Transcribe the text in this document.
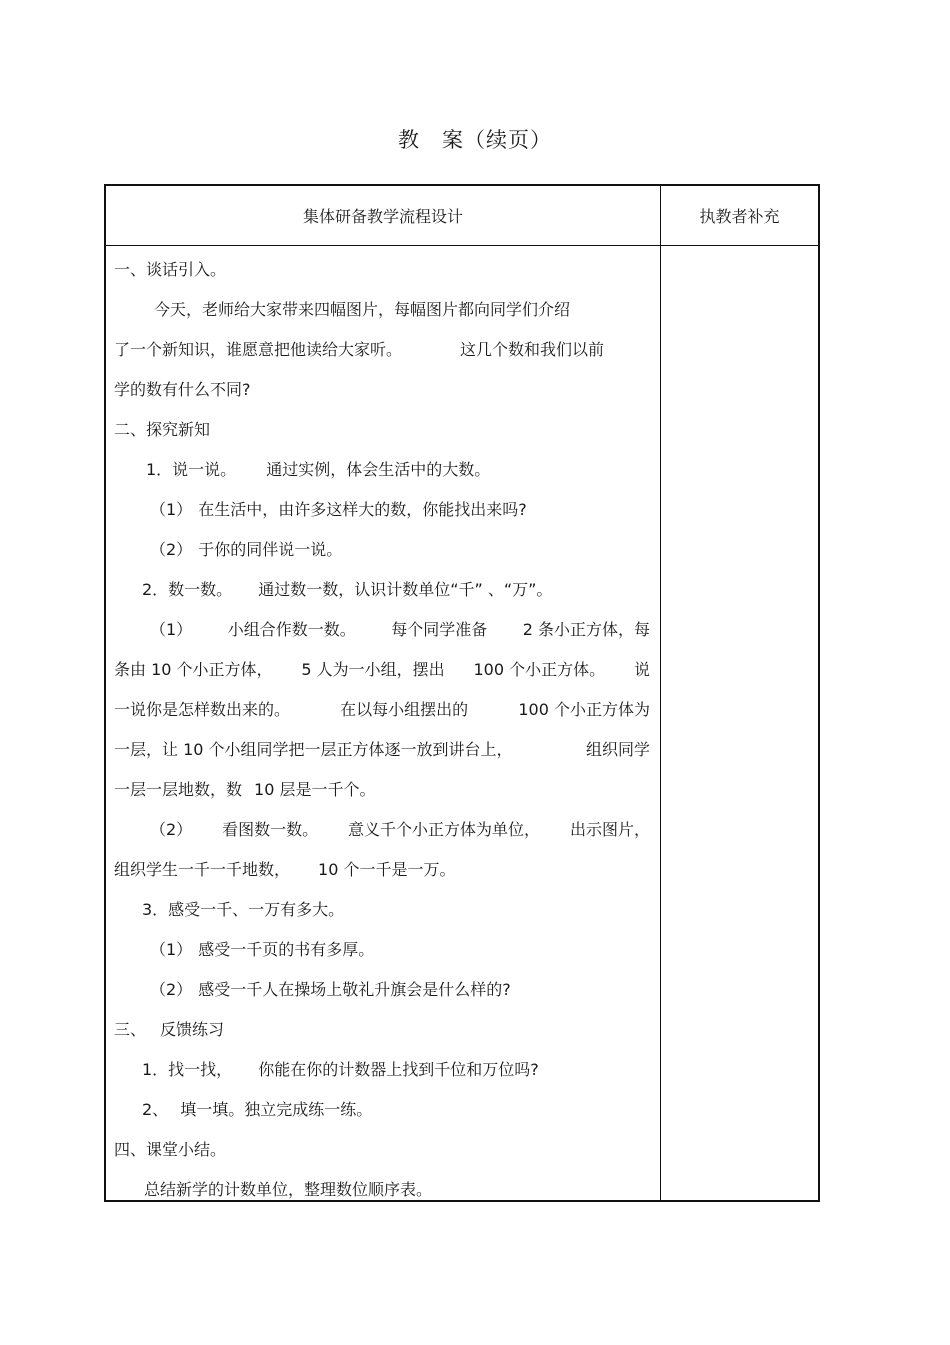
教 案（续页）
集体研备教学流程设计	执教者补充
一、谈话引入。
今天，老师给大家带来四幅图片，每幅图片都向同学们介绍
了一个新知识，谁愿意把他读给大家听。	这几个数和我们以前
学的数有什么不同?
二、探究新知
1．说一说。 通过实例，体会生活中的大数。
（1） 在生活中，由许多这样大的数，你能找出来吗?
（2） 于你的同伴说一说。
2．数一数。 通过数一数，认识计数单位“千” 、“万”。
（1） 小组合作数一数。 每个同学准备 2 条小正方体，每
条由 10 个小正方体， 5 人为一小组，摆出 100 个小正方体。 说
一说你是怎样数出来的。	在以每小组摆出的	100 个小正方体为
一层，让 10 个小组同学把一层正方体逐一放到讲台上，	组织同学
一层一层地数，数 10 层是一千个。
（2） 看图数一数。 意义千个小正方体为单位， 出示图片，
组织学生一千一千地数， 10 个一千是一万。
3．感受一千、一万有多大。
（1） 感受一千页的书有多厚。
（2） 感受一千人在操场上敬礼升旗会是什么样的?
三、 反馈练习
1．找一找， 你能在你的计数器上找到千位和万位吗?
2、 填一填。独立完成练一练。
四、课堂小结。
总结新学的计数单位，整理数位顺序表。
